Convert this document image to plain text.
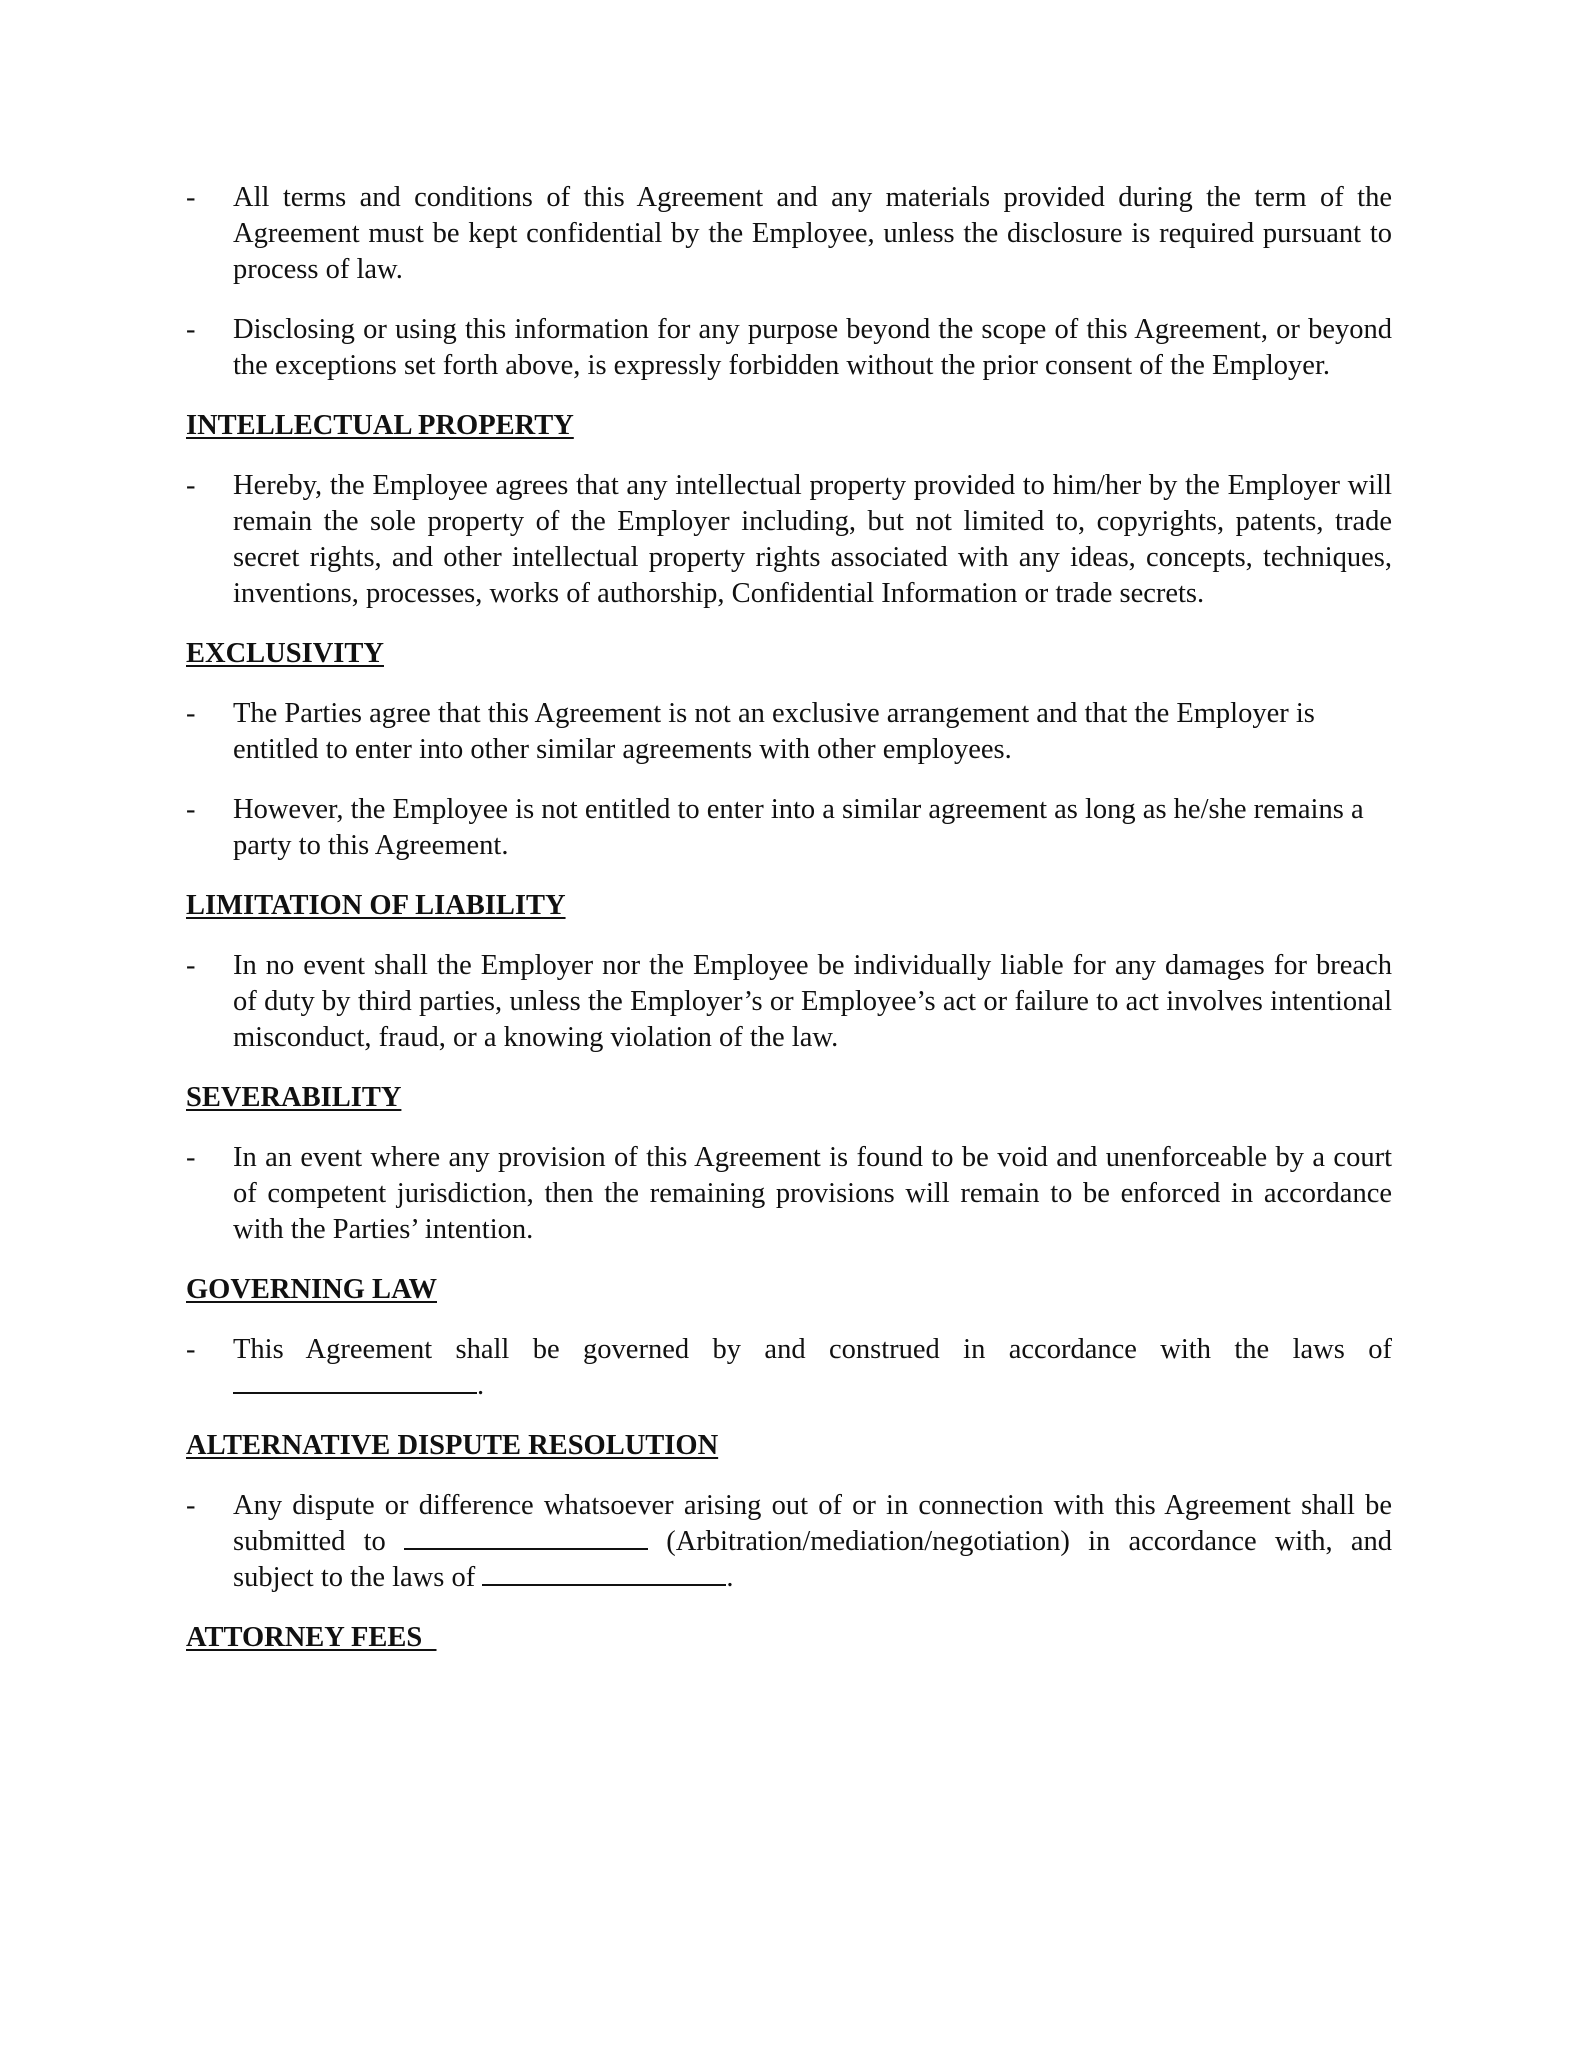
- All terms and conditions of this Agreement and any materials provided during the term of the Agreement must be kept confidential by the Employee, unless the disclosure is required pursuant to process of law.
- Disclosing or using this information for any purpose beyond the scope of this Agreement, or beyond the exceptions set forth above, is expressly forbidden without the prior consent of the Employer.
INTELLECTUAL PROPERTY
- Hereby, the Employee agrees that any intellectual property provided to him/her by the Employer will remain the sole property of the Employer including, but not limited to, copyrights, patents, trade secret rights, and other intellectual property rights associated with any ideas, concepts, techniques, inventions, processes, works of authorship, Confidential Information or trade secrets.
EXCLUSIVITY
- The Parties agree that this Agreement is not an exclusive arrangement and that the Employer is entitled to enter into other similar agreements with other employees.
- However, the Employee is not entitled to enter into a similar agreement as long as he/she remains a party to this Agreement.
LIMITATION OF LIABILITY
- In no event shall the Employer nor the Employee be individually liable for any damages for breach of duty by third parties, unless the Employer’s or Employee’s act or failure to act involves intentional misconduct, fraud, or a knowing violation of the law.
SEVERABILITY
- In an event where any provision of this Agreement is found to be void and unenforceable by a court of competent jurisdiction, then the remaining provisions will remain to be enforced in accordance with the Parties’ intention.
GOVERNING LAW
- This Agreement shall be governed by and construed in accordance with the laws of .
ALTERNATIVE DISPUTE RESOLUTION
- Any dispute or difference whatsoever arising out of or in connection with this Agreement shall be submitted to	(Arbitration/mediation/negotiation) in accordance with, and subject to the laws of	.
ATTORNEY FEES
